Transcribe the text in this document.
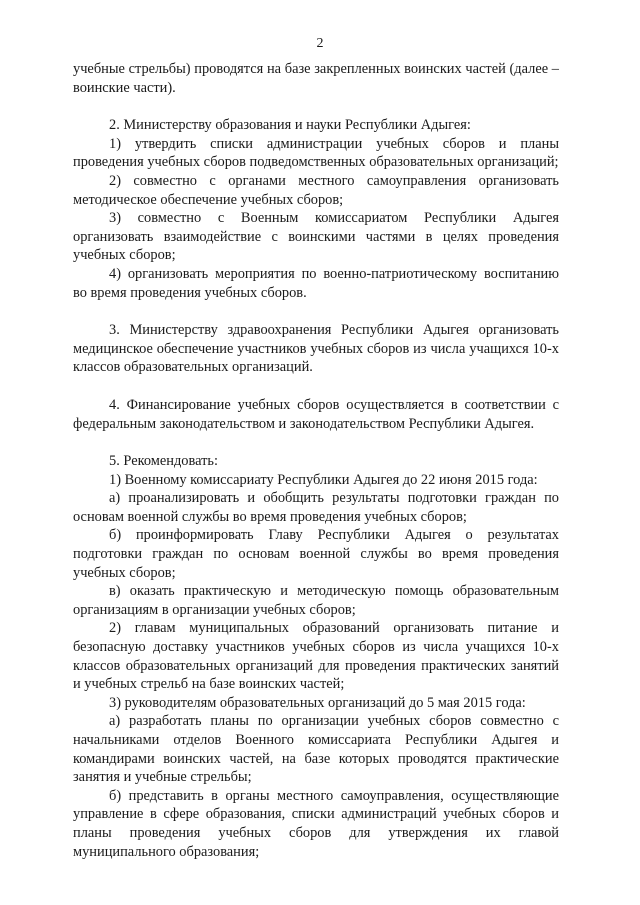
2

учебные стрельбы) проводятся на базе закрепленных воинских частей (далее – воинские части).

2. Министерству образования и науки Республики Адыгея:

1) утвердить списки администрации учебных сборов и планы проведения учебных сборов подведомственных образовательных организаций;

2) совместно с органами местного самоуправления организовать методическое обеспечение учебных сборов;

3) совместно с Военным комиссариатом Республики Адыгея организовать взаимодействие с воинскими частями в целях проведения учебных сборов;

4) организовать мероприятия по военно-патриотическому воспитанию во время проведения учебных сборов.

3. Министерству здравоохранения Республики Адыгея организовать медицинское обеспечение участников учебных сборов из числа учащихся 10-х классов образовательных организаций.

4. Финансирование учебных сборов осуществляется в соответствии с федеральным законодательством и законодательством Республики Адыгея.

5. Рекомендовать:

1) Военному комиссариату Республики Адыгея до 22 июня 2015 года:

а) проанализировать и обобщить результаты подготовки граждан по основам военной службы во время проведения учебных сборов;

б) проинформировать Главу Республики Адыгея о результатах подготовки граждан по основам военной службы во время проведения учебных сборов;

в) оказать практическую и методическую помощь образовательным организациям в организации учебных сборов;

2) главам муниципальных образований организовать питание и безопасную доставку участников учебных сборов из числа учащихся 10-х классов образовательных организаций для проведения практических занятий и учебных стрельб на базе воинских частей;

3) руководителям образовательных организаций до 5 мая 2015 года:

а) разработать планы по организации учебных сборов совместно с начальниками отделов Военного комиссариата Республики Адыгея и командирами воинских частей, на базе которых проводятся практические занятия и учебные стрельбы;

б) представить в органы местного самоуправления, осуществляющие управление в сфере образования, списки администраций учебных сборов и планы проведения учебных сборов для утверждения их главой муниципального образования;
